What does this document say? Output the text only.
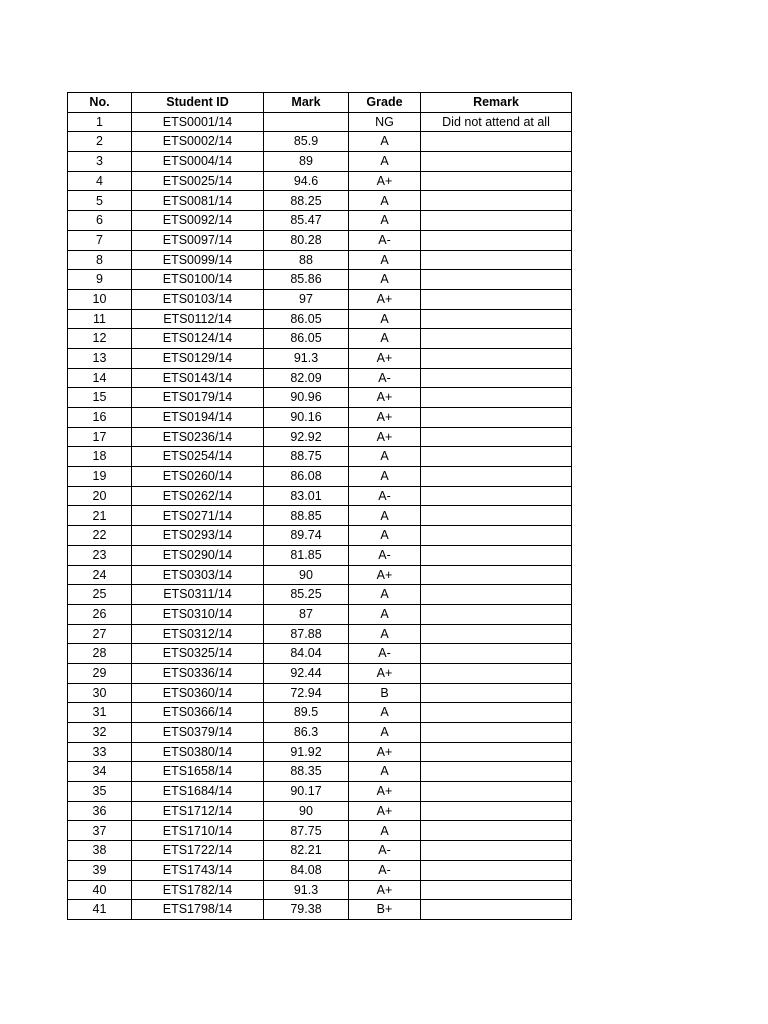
No.	Student ID	Mark	Grade	Remark
1	ETS0001/14		NG	Did not attend at all
2	ETS0002/14	85.9	A	
3	ETS0004/14	89	A	
4	ETS0025/14	94.6	A+	
5	ETS0081/14	88.25	A	
6	ETS0092/14	85.47	A	
7	ETS0097/14	80.28	A-	
8	ETS0099/14	88	A	
9	ETS0100/14	85.86	A	
10	ETS0103/14	97	A+	
11	ETS0112/14	86.05	A	
12	ETS0124/14	86.05	A	
13	ETS0129/14	91.3	A+	
14	ETS0143/14	82.09	A-	
15	ETS0179/14	90.96	A+	
16	ETS0194/14	90.16	A+	
17	ETS0236/14	92.92	A+	
18	ETS0254/14	88.75	A	
19	ETS0260/14	86.08	A	
20	ETS0262/14	83.01	A-	
21	ETS0271/14	88.85	A	
22	ETS0293/14	89.74	A	
23	ETS0290/14	81.85	A-	
24	ETS0303/14	90	A+	
25	ETS0311/14	85.25	A	
26	ETS0310/14	87	A	
27	ETS0312/14	87.88	A	
28	ETS0325/14	84.04	A-	
29	ETS0336/14	92.44	A+	
30	ETS0360/14	72.94	B	
31	ETS0366/14	89.5	A	
32	ETS0379/14	86.3	A	
33	ETS0380/14	91.92	A+	
34	ETS1658/14	88.35	A	
35	ETS1684/14	90.17	A+	
36	ETS1712/14	90	A+	
37	ETS1710/14	87.75	A	
38	ETS1722/14	82.21	A-	
39	ETS1743/14	84.08	A-	
40	ETS1782/14	91.3	A+	
41	ETS1798/14	79.38	B+	
